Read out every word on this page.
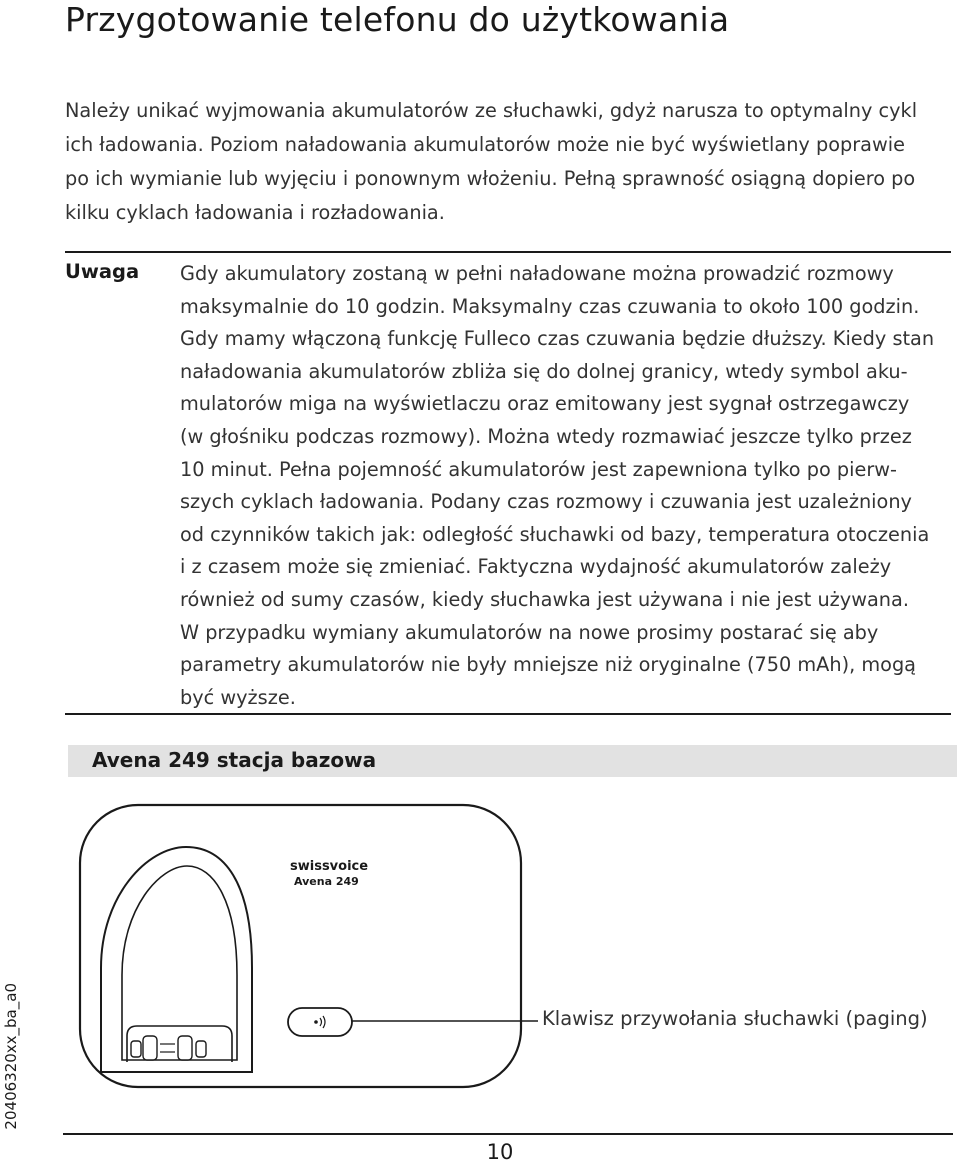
Przygotowanie telefonu do użytkowania
Należy unikać wyjmowania akumulatorów ze słuchawki, gdyż narusza to optymalny cykl
ich ładowania. Poziom naładowania akumulatorów może nie być wyświetlany poprawie
po ich wymianie lub wyjęciu i ponownym włożeniu. Pełną sprawność osiągną dopiero po
kilku cyklach ładowania i rozładowania.
Uwaga Gdy akumulatory zostaną w pełni naładowane można prowadzić rozmowy
maksymalnie do 10 godzin. Maksymalny czas czuwania to około 100 godzin.
Gdy mamy włączoną funkcję Fulleco czas czuwania będzie dłuższy. Kiedy stan
naładowania akumulatorów zbliża się do dolnej granicy, wtedy symbol aku-
mulatorów miga na wyświetlaczu oraz emitowany jest sygnał ostrzegawczy
(w głośniku podczas rozmowy). Można wtedy rozmawiać jeszcze tylko przez
10 minut. Pełna pojemność akumulatorów jest zapewniona tylko po pierw-
szych cyklach ładowania. Podany czas rozmowy i czuwania jest uzależniony
od czynników takich jak: odległość słuchawki od bazy, temperatura otoczenia
i z czasem może się zmieniać. Faktyczna wydajność akumulatorów zależy
również od sumy czasów, kiedy słuchawka jest używana i nie jest używana.
W przypadku wymiany akumulatorów na nowe prosimy postarać się aby
parametry akumulatorów nie były mniejsze niż oryginalne (750 mAh), mogą
być wyższe.
Avena 249 stacja bazowa
swissvoice
Avena 249
Klawisz przywołania słuchawki (paging)
20406320xx_ba_a0
10
